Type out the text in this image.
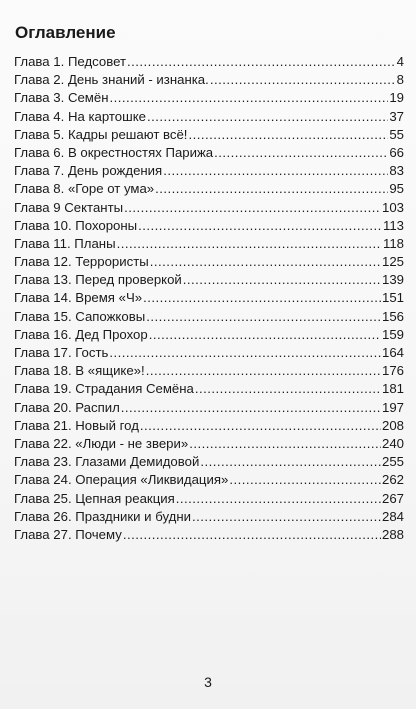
Оглавление
Глава 1. Педсовет . . .	4
Глава 2. День знаний - изнанка. . . .	8
Глава 3. Семён . . .	19
Глава 4. На картошке . . .	37
Глава 5. Кадры решают всё! . . .	55
Глава 6. В окрестностях Парижа . . .	66
Глава 7. День рождения . . .	83
Глава 8. «Горе от ума» . . .	95
Глава 9 Сектанты . . .	103
Глава 10. Похороны . . .	113
Глава 11. Планы . . .	118
Глава 12. Террористы . . .	125
Глава 13. Перед проверкой . . .	139
Глава 14. Время «Ч» . . .	151
Глава 15. Сапожковы . . .	156
Глава 16. Дед Прохор . . .	159
Глава 17. Гость . . .	164
Глава 18. В «ящике»! . . .	176
Глава 19. Страдания Семёна . . .	181
Глава 20. Распил . . .	197
Глава 21. Новый год . . .	208
Глава 22. «Люди - не звери» . . .	240
Глава 23. Глазами Демидовой . . .	255
Глава 24. Операция «Ликвидация» . . .	262
Глава 25. Цепная реакция . . .	267
Глава 26. Праздники и будни . . .	284
Глава 27. Почему . . .	288
3
